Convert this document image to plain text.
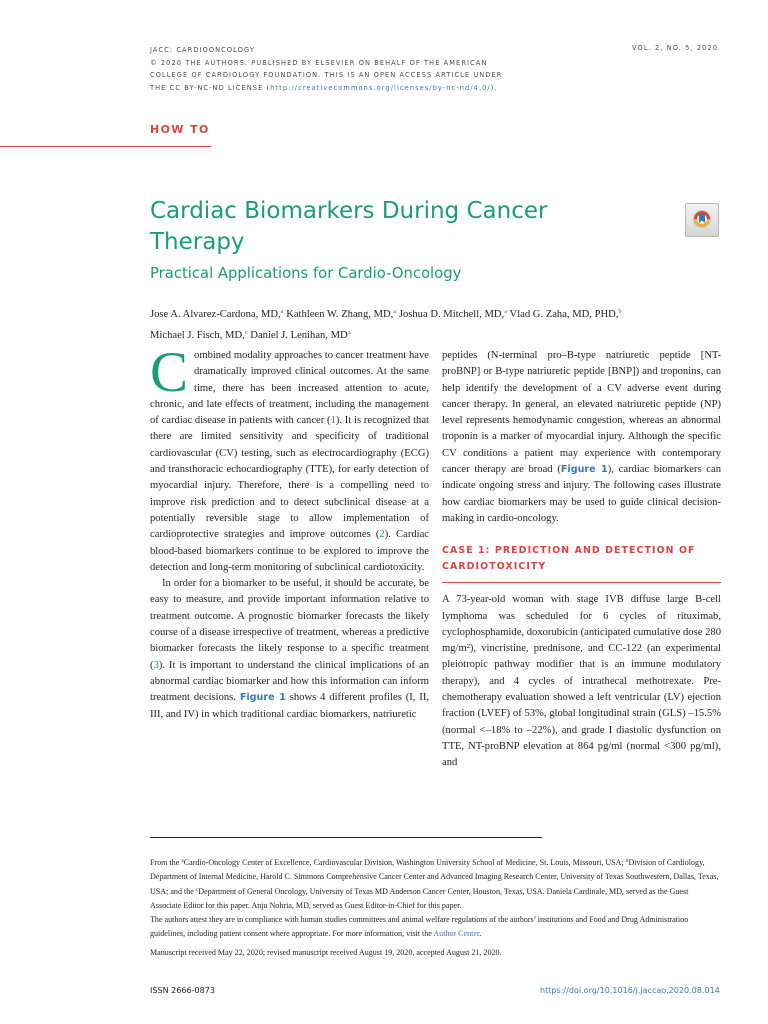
JACC: CARDIOONCOLOGY
© 2020 THE AUTHORS. PUBLISHED BY ELSEVIER ON BEHALF OF THE AMERICAN
COLLEGE OF CARDIOLOGY FOUNDATION. THIS IS AN OPEN ACCESS ARTICLE UNDER
THE CC BY-NC-ND LICENSE (http://creativecommons.org/licenses/by-nc-nd/4.0/).
VOL. 2, NO. 5, 2020
HOW TO
Cardiac Biomarkers During Cancer Therapy
Practical Applications for Cardio-Oncology
Jose A. Alvarez-Cardona, MD,$^a$ Kathleen W. Zhang, MD,$^a$ Joshua D. Mitchell, MD,$^a$ Vlad G. Zaha, MD, PHD,$^b$
Michael J. Fisch, MD,$^c$ Daniel J. Lenihan, $MD^a$

Combined modality approaches to cancer treatment have dramatically improved clinical outcomes. At the same time, there has been increased attention to acute, chronic, and late effects of treatment, including the management of cardiac disease in patients with cancer (1). It is recognized that there are limited sensitivity and specificity of traditional cardiovascular (CV) testing, such as electrocardiography (ECG) and transthoracic echocardiography (TTE), for early detection of myocardial injury. Therefore, there is a compelling need to improve risk prediction and to detect subclinical disease at a potentially reversible stage to allow implementation of cardioprotective strategies and improve outcomes (2). Cardiac blood-based biomarkers continue to be explored to improve the detection and long-term monitoring of subclinical cardiotoxicity.

In order for a biomarker to be useful, it should be accurate, be easy to measure, and provide important information relative to treatment outcome. A prognostic biomarker forecasts the likely course of a disease irrespective of treatment, whereas a predictive biomarker forecasts the likely response to a specific treatment (3). It is important to understand the clinical implications of an abnormal cardiac biomarker and how this information can inform treatment decisions. Figure 1 shows 4 different profiles (I, II, III, and IV) in which traditional cardiac biomarkers, natriuretic

peptides (N-terminal pro–B-type natriuretic peptide [NT-proBNP] or B-type natriuretic peptide [BNP]) and troponins, can help identify the development of a CV adverse event during cancer therapy. In general, an elevated natriuretic peptide (NP) level represents hemodynamic congestion, whereas an abnormal troponin is a marker of myocardial injury. Although the specific CV conditions a patient may experience with contemporary cancer therapy are broad (Figure 1), cardiac biomarkers can indicate ongoing stress and injury. The following cases illustrate how cardiac biomarkers may be used to guide clinical decision-making in cardio-oncology.

CASE 1: PREDICTION AND DETECTION OF CARDIOTOXICITY

A 73-year-old woman with stage IVB diffuse large B-cell lymphoma was scheduled for 6 cycles of rituximab, cyclophosphamide, doxorubicin (anticipated cumulative dose 280 mg/m²), vincristine, prednisone, and CC-122 (an experimental pleiotropic pathway modifier that is an immune modulatory therapy), and 4 cycles of intrathecal methotrexate. Pre-chemotherapy evaluation showed a left ventricular (LV) ejection fraction (LVEF) of 53%, global longitudinal strain (GLS) –15.5% (normal <–18% to –22%), and grade I diastolic dysfunction on TTE, NT-proBNP elevation at 864 pg/ml (normal <300 pg/ml), and

From the $^a$Cardio-Oncology Center of Excellence, Cardiovascular Division, Washington University School of Medicine, St. Louis, Missouri, USA; $^b$Division of Cardiology, Department of Internal Medicine, Harold C. Simmons Comprehensive Cancer Center and Advanced Imaging Research Center, University of Texas Southwestern, Dallas, Texas, USA; and the $^c$Department of General Oncology, University of Texas MD Anderson Cancer Center, Houston, Texas, USA. Daniela Cardinale, MD, served as the Guest Associate Editor for this paper. Anju Nohria, MD, served as Guest Editor-in-Chief for this paper.

The authors attest they are in compliance with human studies committees and animal welfare regulations of the authors’ institutions and Food and Drug Administration guidelines, including patient consent where appropriate. For more information, visit the Author Center.

Manuscript received May 22, 2020; revised manuscript received August 19, 2020, accepted August 21, 2020.

ISSN 2666-0873	https://doi.org/10.1016/j.jaccao.2020.08.014
